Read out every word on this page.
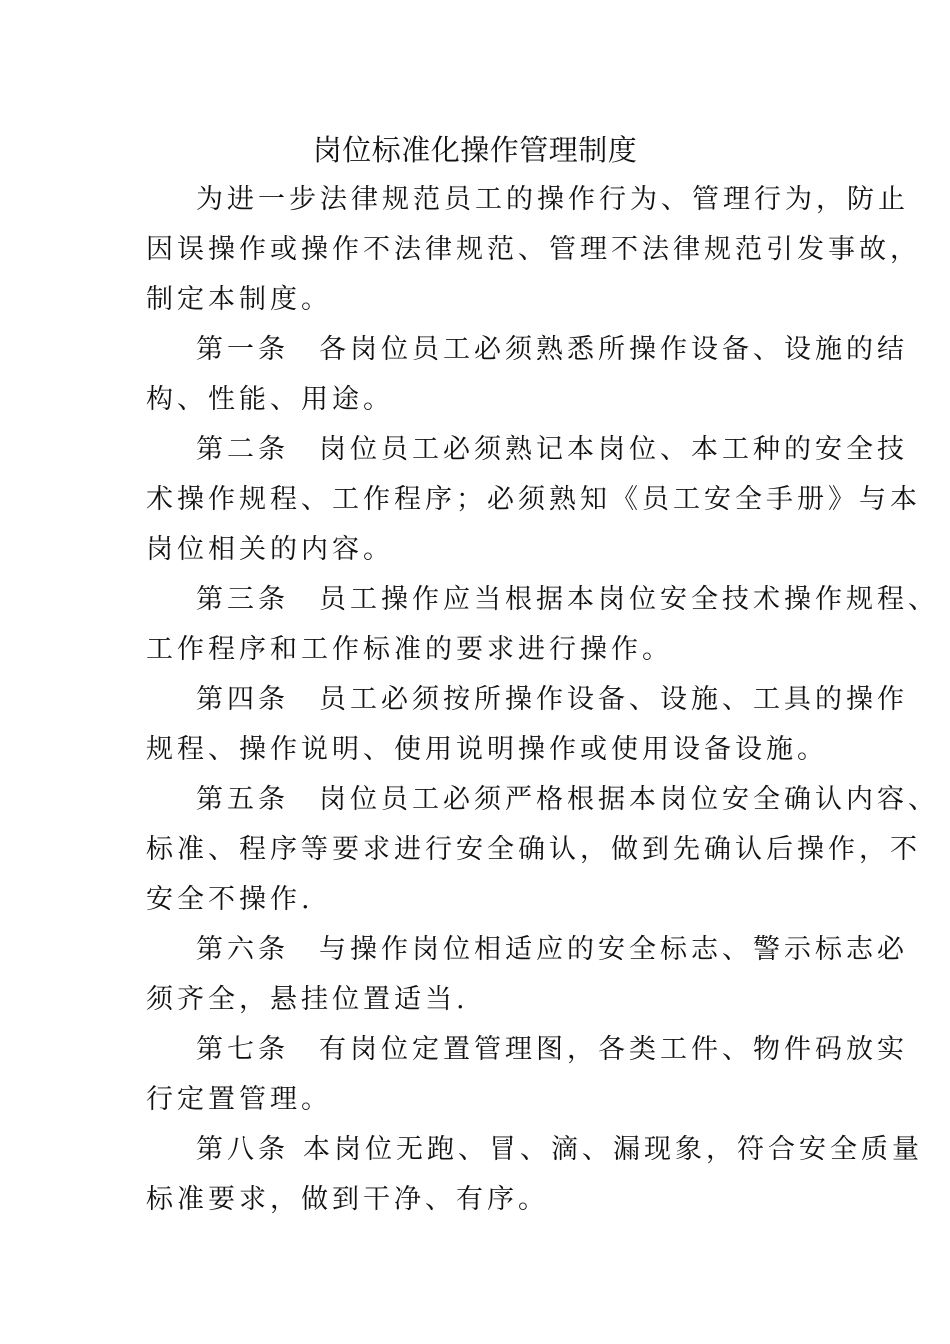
岗位标准化操作管理制度
为进一步法律规范员工的操作行为、管理行为，防止
因误操作或操作不法律规范、管理不法律规范引发事故，
制定本制度。
第一条 各岗位员工必须熟悉所操作设备、设施的结
构、性能、用途。
第二条 岗位员工必须熟记本岗位、本工种的安全技
术操作规程、工作程序；必须熟知《员工安全手册》与本
岗位相关的内容。
第三条 员工操作应当根据本岗位安全技术操作规程、
工作程序和工作标准的要求进行操作。
第四条 员工必须按所操作设备、设施、工具的操作
规程、操作说明、使用说明操作或使用设备设施。
第五条 岗位员工必须严格根据本岗位安全确认内容、
标准、程序等要求进行安全确认，做到先确认后操作，不
安全不操作.
第六条 与操作岗位相适应的安全标志、警示标志必
须齐全，悬挂位置适当.
第七条 有岗位定置管理图，各类工件、物件码放实
行定置管理。
第八条 本岗位无跑、冒、滴、漏现象，符合安全质量
标准要求，做到干净、有序。
